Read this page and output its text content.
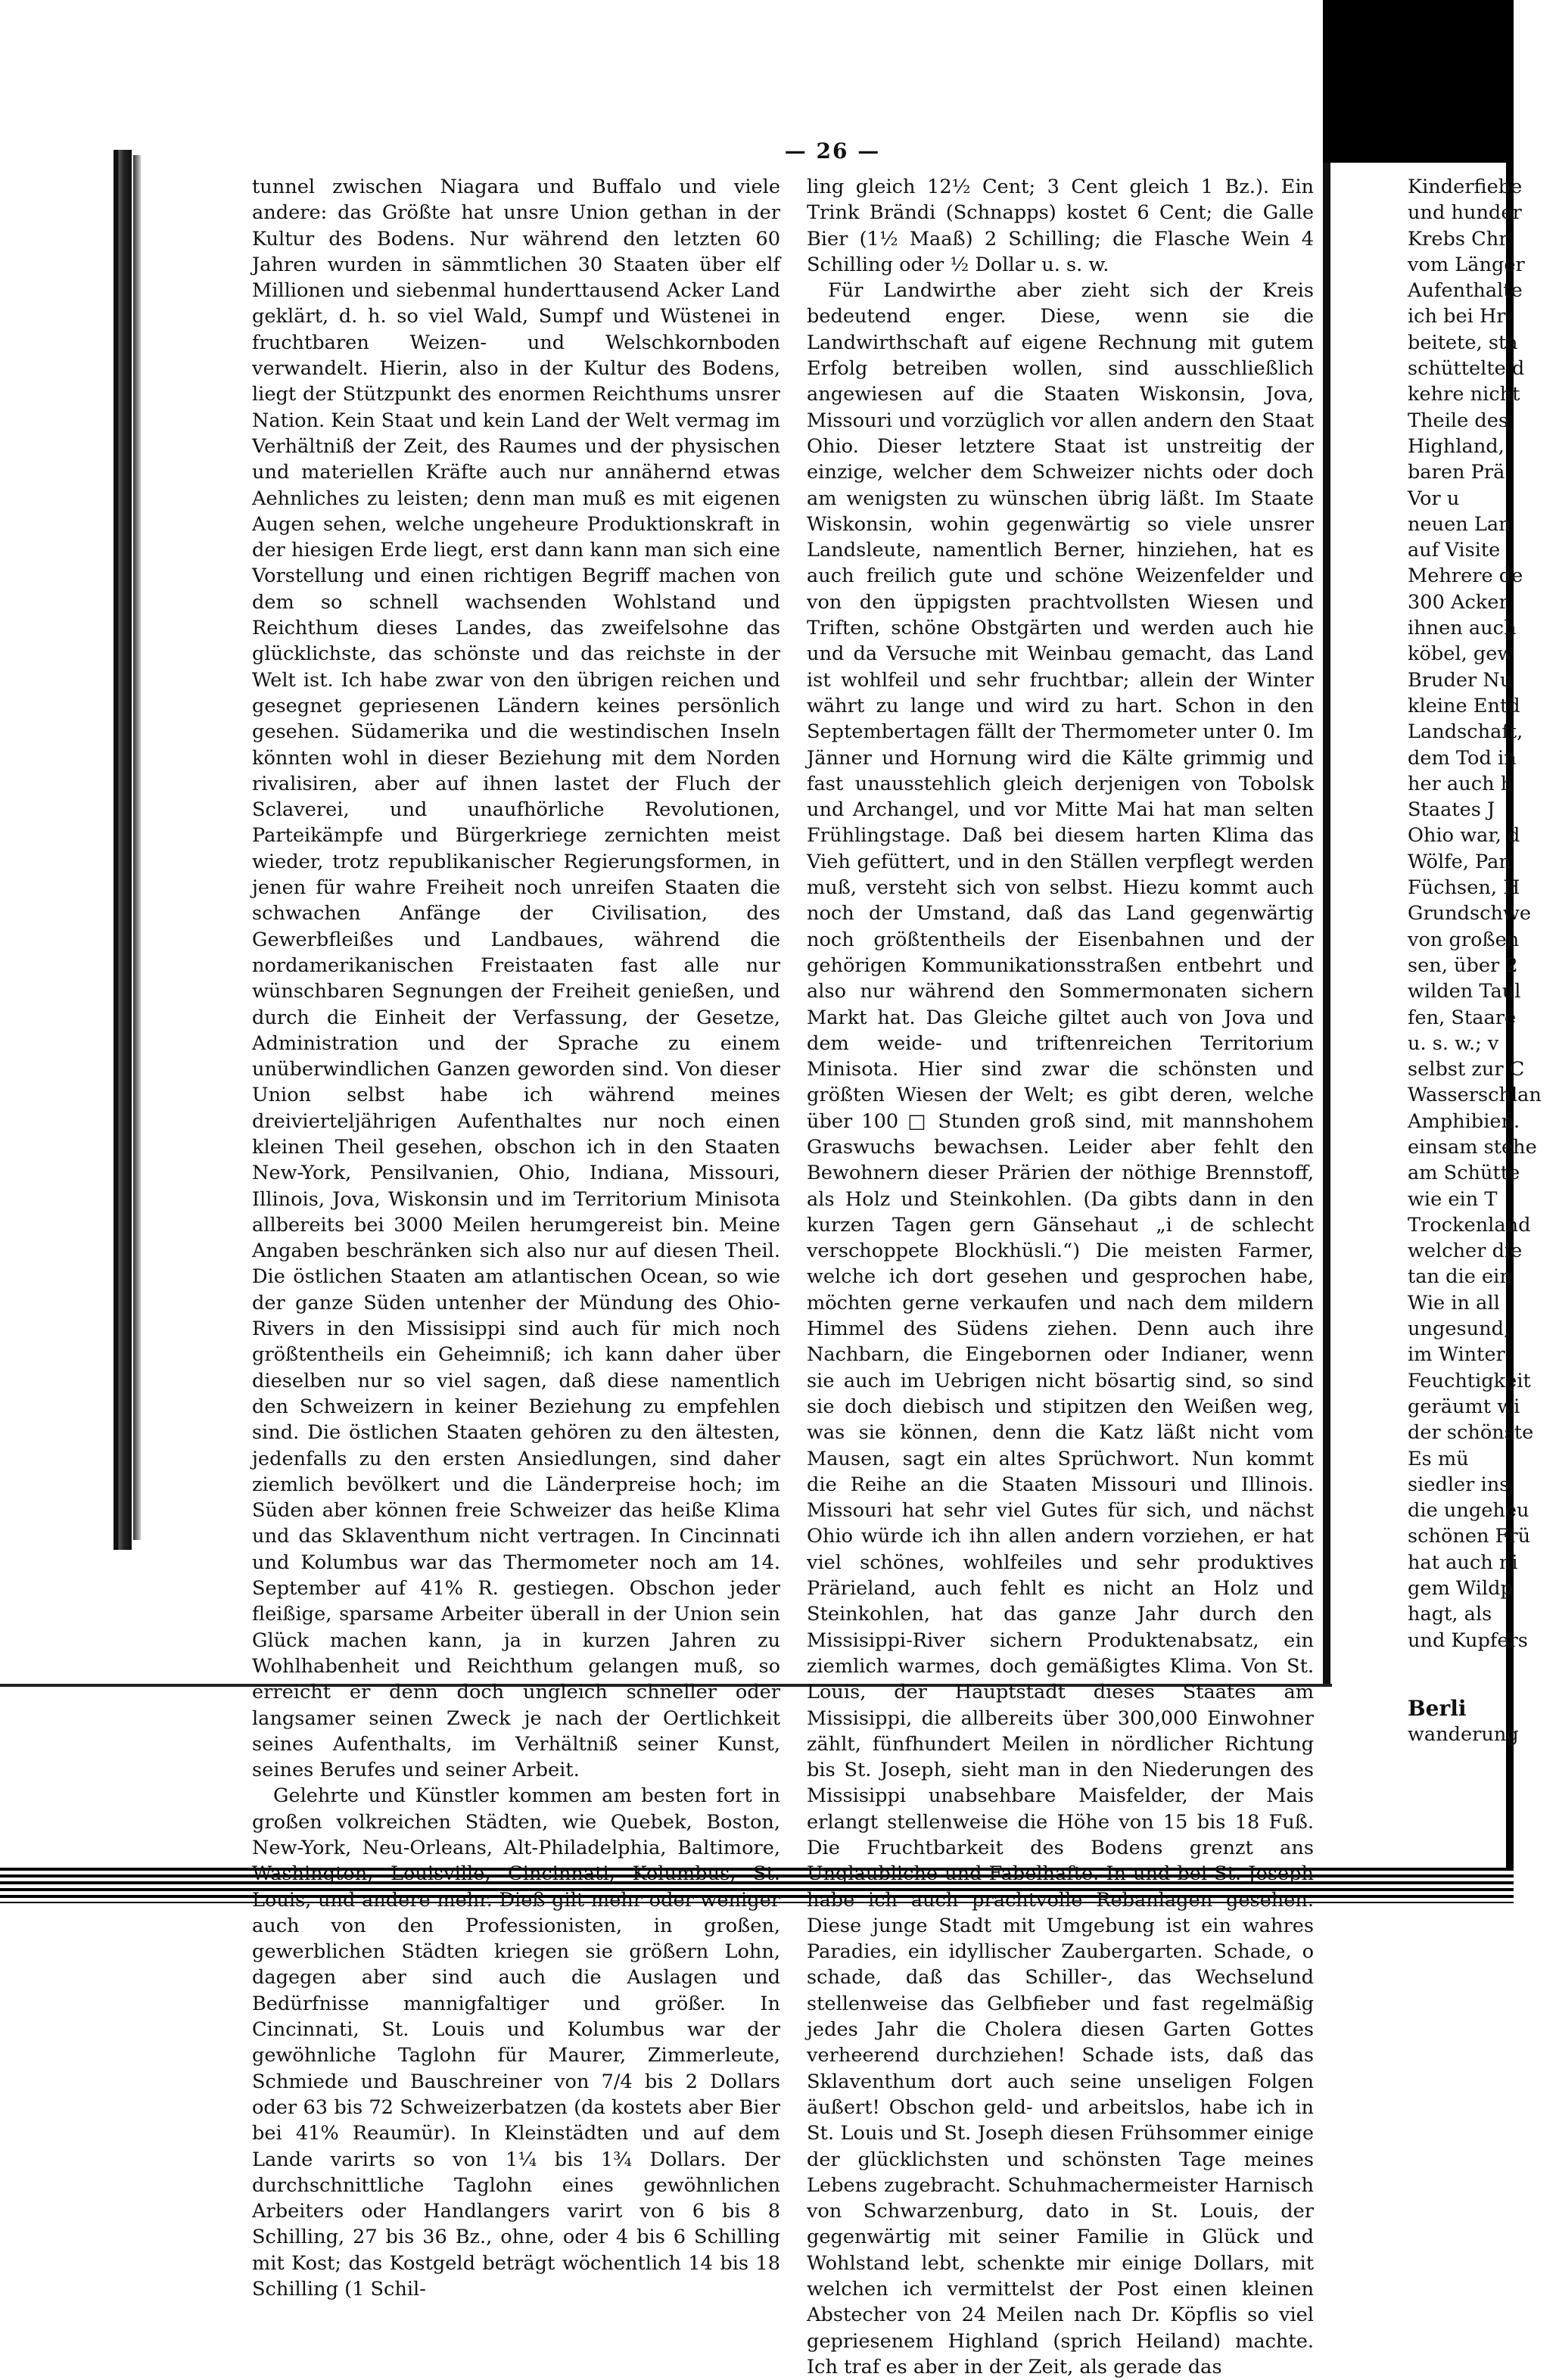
— 26 —

tunnel zwischen Niagara und Buffalo und viele andere: das Größte hat unsre Union gethan in der Kultur des Bodens. Nur während den letzten 60 Jahren wurden in sämmtlichen 30 Staaten über elf Millionen und siebenmal hunderttausend Acker Land geklärt, d. h. so viel Wald, Sumpf und Wüstenei in fruchtbaren Weizen- und Welschkornboden verwandelt. Hierin, also in der Kultur des Bodens, liegt der Stützpunkt des enormen Reichthums unsrer Nation. Kein Staat und kein Land der Welt vermag im Verhältniß der Zeit, des Raumes und der physischen und materiellen Kräfte auch nur annähernd etwas Aehnliches zu leisten; denn man muß es mit eigenen Augen sehen, welche ungeheure Produktionskraft in der hiesigen Erde liegt, erst dann kann man sich eine Vorstellung und einen richtigen Begriff machen von dem so schnell wachsenden Wohlstand und Reichthum dieses Landes, das zweifelsohne das glücklichste, das schönste und das reichste in der Welt ist. Ich habe zwar von den übrigen reichen und gesegnet gepriesenen Ländern keines persönlich gesehen. Südamerika und die westindischen Inseln könnten wohl in dieser Beziehung mit dem Norden rivalisiren, aber auf ihnen lastet der Fluch der Sclaverei, und unaufhörliche Revolutionen, Parteikämpfe und Bürgerkriege zernichten meist wieder, trotz republikanischer Regierungsformen, in jenen für wahre Freiheit noch unreifen Staaten die schwachen Anfänge der Civilisation, des Gewerbfleißes und Landbaues, während die nordamerikanischen Freistaaten fast alle nur wünschbaren Segnungen der Freiheit genießen, und durch die Einheit der Verfassung, der Gesetze, Administration und der Sprache zu einem unüberwindlichen Ganzen geworden sind. Von dieser Union selbst habe ich während meines dreivierteljährigen Aufenthaltes nur noch einen kleinen Theil gesehen, obschon ich in den Staaten New-York, Pensilvanien, Ohio, Indiana, Missouri, Illinois, Jova, Wiskonsin und im Territorium Minisota allbereits bei 3000 Meilen herumgereist bin. Meine Angaben beschränken sich also nur auf diesen Theil. Die östlichen Staaten am atlantischen Ocean, so wie der ganze Süden untenher der Mündung des Ohio-Rivers in den Missisippi sind auch für mich noch größtentheils ein Geheimniß; ich kann daher über dieselben nur so viel sagen, daß diese namentlich den Schweizern in keiner Beziehung zu empfehlen sind. Die östlichen Staaten gehören zu den ältesten, jedenfalls zu den ersten Ansiedlungen, sind daher ziemlich bevölkert und die Länderpreise hoch; im Süden aber können freie Schweizer das heiße Klima und das Sklaventhum nicht vertragen. In Cincinnati und Kolumbus war das Thermometer noch am 14. September auf 41% R. gestiegen. Obschon jeder fleißige, sparsame Arbeiter überall in der Union sein Glück machen kann, ja in kurzen Jahren zu Wohlhabenheit und Reichthum gelangen muß, so erreicht er denn doch ungleich schneller oder langsamer seinen Zweck je nach der Oertlichkeit seines Aufenthalts, im Verhältniß seiner Kunst, seines Berufes und seiner Arbeit.

Gelehrte und Künstler kommen am besten fort in großen volkreichen Städten, wie Quebek, Boston, New-York, Neu-Orleans, Alt-Philadelphia, Baltimore, Washington, Louisville, Cincinnati, Kolumbus, St. Louis, und andere mehr. Dieß gilt mehr oder weniger auch von den Professionisten, in großen, gewerblichen Städten kriegen sie größern Lohn, dagegen aber sind auch die Auslagen und Bedürfnisse mannigfaltiger und größer. In Cincinnati, St. Louis und Kolumbus war der gewöhnliche Taglohn für Maurer, Zimmerleute, Schmiede und Bauschreiner von 7/4 bis 2 Dollars oder 63 bis 72 Schweizerbatzen (da kostets aber Bier bei 41% Reaumür). In Kleinstädten und auf dem Lande varirts so von 1¼ bis 1¾ Dollars. Der durchschnittliche Taglohn eines gewöhnlichen Arbeiters oder Handlangers varirt von 6 bis 8 Schilling, 27 bis 36 Bz., ohne, oder 4 bis 6 Schilling mit Kost; das Kostgeld beträgt wöchentlich 14 bis 18 Schilling (1 Schil-

ling gleich 12½ Cent; 3 Cent gleich 1 Bz.). Ein Trink Brändi (Schnapps) kostet 6 Cent; die Galle Bier (1½ Maaß) 2 Schilling; die Flasche Wein 4 Schilling oder ½ Dollar u. s. w.

Für Landwirthe aber zieht sich der Kreis bedeutend enger. Diese, wenn sie die Landwirthschaft auf eigene Rechnung mit gutem Erfolg betreiben wollen, sind ausschließlich angewiesen auf die Staaten Wiskonsin, Jova, Missouri und vorzüglich vor allen andern den Staat Ohio. Dieser letztere Staat ist unstreitig der einzige, welcher dem Schweizer nichts oder doch am wenigsten zu wünschen übrig läßt. Im Staate Wiskonsin, wohin gegenwärtig so viele unsrer Landsleute, namentlich Berner, hinziehen, hat es auch freilich gute und schöne Weizenfelder und von den üppigsten prachtvollsten Wiesen und Triften, schöne Obstgärten und werden auch hie und da Versuche mit Weinbau gemacht, das Land ist wohlfeil und sehr fruchtbar; allein der Winter währt zu lange und wird zu hart. Schon in den Septembertagen fällt der Thermometer unter 0. Im Jänner und Hornung wird die Kälte grimmig und fast unausstehlich gleich derjenigen von Tobolsk und Archangel, und vor Mitte Mai hat man selten Frühlingstage. Daß bei diesem harten Klima das Vieh gefüttert, und in den Ställen verpflegt werden muß, versteht sich von selbst. Hiezu kommt auch noch der Umstand, daß das Land gegenwärtig noch größtentheils der Eisenbahnen und der gehörigen Kommunikationsstraßen entbehrt und also nur während den Sommermonaten sichern Markt hat. Das Gleiche giltet auch von Jova und dem weide- und triftenreichen Territorium Minisota. Hier sind zwar die schönsten und größten Wiesen der Welt; es gibt deren, welche über 100 □ Stunden groß sind, mit mannshohem Graswuchs bewachsen. Leider aber fehlt den Bewohnern dieser Prärien der nöthige Brennstoff, als Holz und Steinkohlen. (Da gibts dann in den kurzen Tagen gern Gänsehaut „i de schlecht verschoppete Blockhüsli.“) Die meisten Farmer, welche ich dort gesehen und gesprochen habe, möchten gerne verkaufen und nach dem mildern Himmel des Südens ziehen. Denn auch ihre Nachbarn, die Eingebornen oder Indianer, wenn sie auch im Uebrigen nicht bösartig sind, so sind sie doch diebisch und stipitzen den Weißen weg, was sie können, denn die Katz läßt nicht vom Mausen, sagt ein altes Sprüchwort. Nun kommt die Reihe an die Staaten Missouri und Illinois. Missouri hat sehr viel Gutes für sich, und nächst Ohio würde ich ihn allen andern vorziehen, er hat viel schönes, wohlfeiles und sehr produktives Prärieland, auch fehlt es nicht an Holz und Steinkohlen, hat das ganze Jahr durch den Missisippi-River sichern Produktenabsatz, ein ziemlich warmes, doch gemäßigtes Klima. Von St. Louis, der Hauptstadt dieses Staates am Missisippi, die allbereits über 300,000 Einwohner zählt, fünfhundert Meilen in nördlicher Richtung bis St. Joseph, sieht man in den Niederungen des Missisippi unabsehbare Maisfelder, der Mais erlangt stellenweise die Höhe von 15 bis 18 Fuß. Die Fruchtbarkeit des Bodens grenzt ans Unglaubliche und Fabelhafte. In und bei St. Joseph habe ich auch prachtvolle Rebanlagen gesehen. Diese junge Stadt mit Umgebung ist ein wahres Paradies, ein idyllischer Zaubergarten. Schade, o schade, daß das Schiller-, das Wechselund stellenweise das Gelbfieber und fast regelmäßig jedes Jahr die Cholera diesen Garten Gottes verheerend durchziehen! Schade ists, daß das Sklaventhum dort auch seine unseligen Folgen äußert! Obschon geld- und arbeitslos, habe ich in St. Louis und St. Joseph diesen Frühsommer einige der glücklichsten und schönsten Tage meines Lebens zugebracht. Schuhmachermeister Harnisch von Schwarzenburg, dato in St. Louis, der gegenwärtig mit seiner Familie in Glück und Wohlstand lebt, schenkte mir einige Dollars, mit welchen ich vermittelst der Post einen kleinen Abstecher von 24 Meilen nach Dr. Köpflis so viel gepriesenem Highland (sprich Heiland) machte. Ich traf es aber in der Zeit, als gerade das

Kinderfiebe
und hunder
Krebs Chr
vom Länger
Aufenthalte
ich bei Hr
beitete, sta
schüttelte d
kehre nicht
Theile des
Highland,
baren Prä
Vor u
neuen Lan
auf Visite
Mehrere de
300 Acker
ihnen auch
köbel, gew
Bruder Nu
kleine Entd
Landschaft,
dem Tod in
her auch h
Staates J
Ohio war, d
Wölfe, Pan
Füchsen, H
Grundschwe
von großen
sen, über 2
wilden Taul
fen, Staare
u. s. w.; v
selbst zur C
Wasserschlan
Amphibien.
einsam stehe
am Schütte
wie ein T
Trockenland
welcher die
tan die ein
Wie in all
ungesund,
im Winter
Feuchtigkeit
geräumt wi
der schönste
Es mü
siedler ins
die ungeheu
schönen Frü
hat auch ni
gem Wildp
hagt, als
und Kupfers
Berli
wanderung
